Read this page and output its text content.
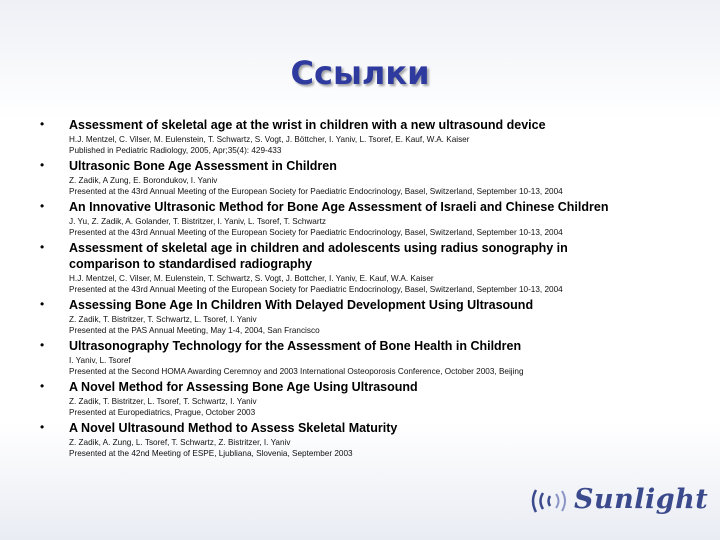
Ссылки
• Assessment of skeletal age at the wrist in children with a new ultrasound device
H.J. Mentzel, C. Vilser, M. Eulenstein, T. Schwartz, S. Vogt, J. Böttcher, I. Yaniv, L. Tsoref, E. Kauf, W.A. Kaiser
Published in Pediatric Radiology, 2005, Apr;35(4): 429-433
• Ultrasonic Bone Age Assessment in Children
Z. Zadik, A Zung, E. Borondukov, I. Yaniv
Presented at the 43rd Annual Meeting of the European Society for Paediatric Endocrinology, Basel, Switzerland, September 10-13, 2004
• An Innovative Ultrasonic Method for Bone Age Assessment of Israeli and Chinese Children
J. Yu, Z. Zadik, A. Golander, T. Bistritzer, I. Yaniv, L. Tsoref, T. Schwartz
Presented at the 43rd Annual Meeting of the European Society for Paediatric Endocrinology, Basel, Switzerland, September 10-13, 2004
• Assessment of skeletal age in children and adolescents using radius sonography in comparison to standardised radiography
H.J. Mentzel, C. Vilser, M. Eulenstein, T. Schwartz, S. Vogt, J. Bottcher, I. Yaniv, E. Kauf, W.A. Kaiser
Presented at the 43rd Annual Meeting of the European Society for Paediatric Endocrinology, Basel, Switzerland, September 10-13, 2004
• Assessing Bone Age In Children With Delayed Development Using Ultrasound
Z. Zadik, T. Bistritzer, T. Schwartz, L. Tsoref, I. Yaniv
Presented at the PAS Annual Meeting, May 1-4, 2004, San Francisco
• Ultrasonography Technology for the Assessment of Bone Health in Children
I. Yaniv, L. Tsoref
Presented at the Second HOMA Awarding Ceremnoy and 2003 International Osteoporosis Conference, October 2003, Beijing
• A Novel Method for Assessing Bone Age Using Ultrasound
Z. Zadik, T. Bistritzer, L. Tsoref, T. Schwartz, I. Yaniv
Presented at Europediatrics, Prague, October 2003
• A Novel Ultrasound Method to Assess Skeletal Maturity
Z. Zadik, A. Zung, L. Tsoref, T. Schwartz, Z. Bistritzer, I. Yaniv
Presented at the 42nd Meeting of ESPE, Ljubliana, Slovenia, September 2003
Sunlight
